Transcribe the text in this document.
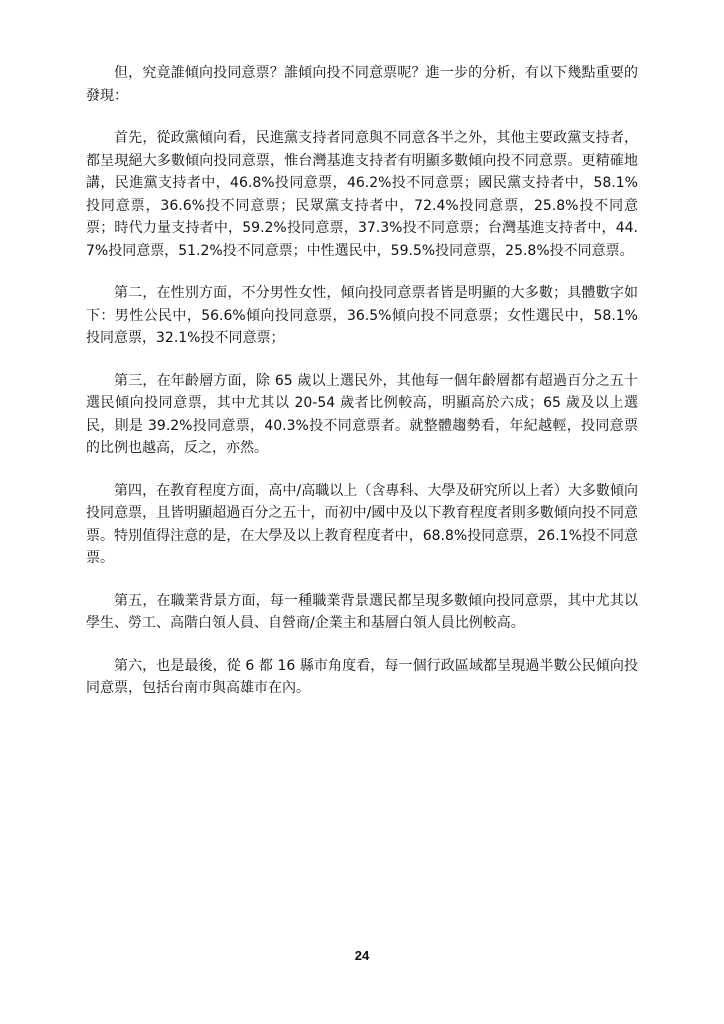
但，究竟誰傾向投同意票？誰傾向投不同意票呢？進一步的分析，有以下幾點重要的發現：

首先，從政黨傾向看，民進黨支持者同意與不同意各半之外，其他主要政黨支持者，都呈現絕大多數傾向投同意票，惟台灣基進支持者有明顯多數傾向投不同意票。更精確地講，民進黨支持者中，46.8%投同意票，46.2%投不同意票；國民黨支持者中，58.1%投同意票，36.6%投不同意票；民眾黨支持者中，72.4%投同意票，25.8%投不同意票；時代力量支持者中，59.2%投同意票，37.3%投不同意票；台灣基進支持者中，44.7%投同意票，51.2%投不同意票；中性選民中，59.5%投同意票，25.8%投不同意票。

第二，在性別方面，不分男性女性，傾向投同意票者皆是明顯的大多數；具體數字如下：男性公民中，56.6%傾向投同意票，36.5%傾向投不同意票；女性選民中，58.1%投同意票，32.1%投不同意票；

第三，在年齡層方面，除 65 歲以上選民外，其他每一個年齡層都有超過百分之五十選民傾向投同意票，其中尤其以 20-54 歲者比例較高，明顯高於六成；65 歲及以上選民，則是 39.2%投同意票，40.3%投不同意票者。就整體趨勢看，年紀越輕，投同意票的比例也越高，反之，亦然。

第四，在教育程度方面，高中/高職以上（含專科、大學及研究所以上者）大多數傾向投同意票，且皆明顯超過百分之五十，而初中/國中及以下教育程度者則多數傾向投不同意票。特別值得注意的是，在大學及以上教育程度者中，68.8%投同意票，26.1%投不同意票。

第五，在職業背景方面，每一種職業背景選民都呈現多數傾向投同意票，其中尤其以學生、勞工、高階白領人員、自營商/企業主和基層白領人員比例較高。

第六，也是最後，從 6 都 16 縣市角度看，每一個行政區域都呈現過半數公民傾向投同意票，包括台南市與高雄市在內。

24
